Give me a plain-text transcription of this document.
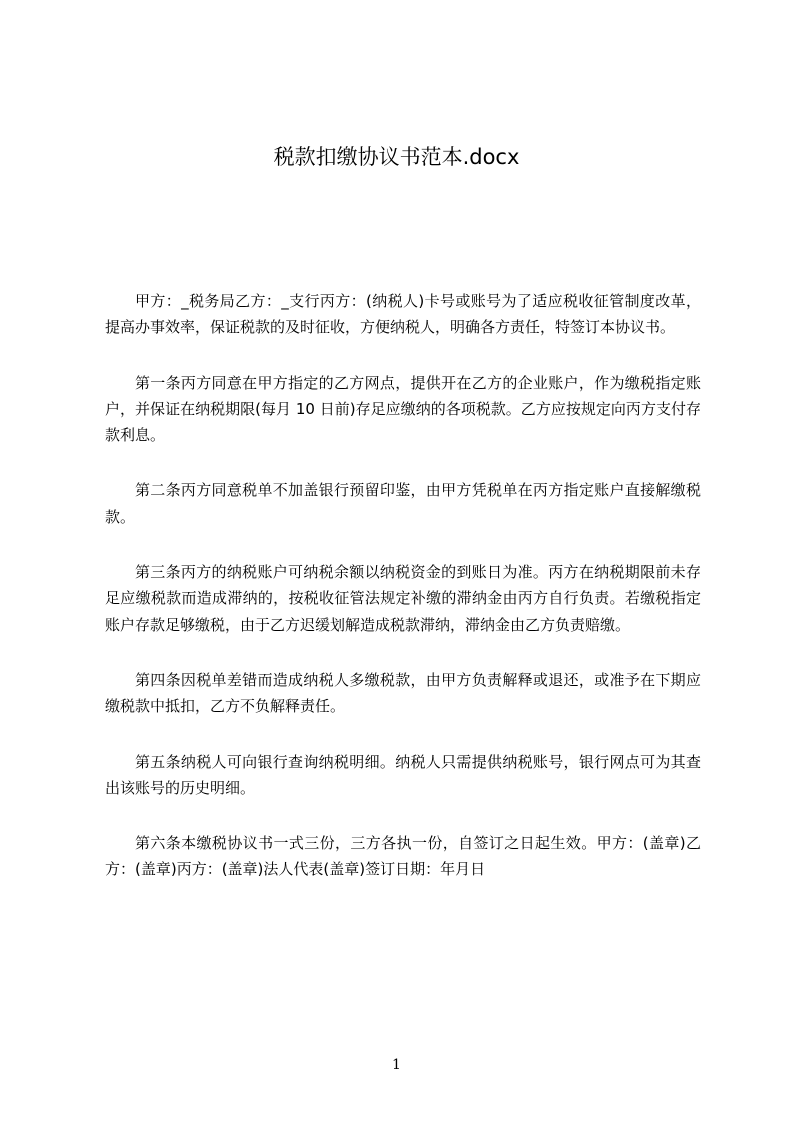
税款扣缴协议书范本.docx

甲方：_税务局乙方：_支行丙方：(纳税人)卡号或账号为了适应税收征管制度改革，提高办事效率，保证税款的及时征收，方便纳税人，明确各方责任，特签订本协议书。

第一条丙方同意在甲方指定的乙方网点，提供开在乙方的企业账户，作为缴税指定账户，并保证在纳税期限(每月 10 日前)存足应缴纳的各项税款。乙方应按规定向丙方支付存款利息。

第二条丙方同意税单不加盖银行预留印鉴，由甲方凭税单在丙方指定账户直接解缴税款。

第三条丙方的纳税账户可纳税余额以纳税资金的到账日为准。丙方在纳税期限前未存足应缴税款而造成滞纳的，按税收征管法规定补缴的滞纳金由丙方自行负责。若缴税指定账户存款足够缴税，由于乙方迟缓划解造成税款滞纳，滞纳金由乙方负责赔缴。

第四条因税单差错而造成纳税人多缴税款，由甲方负责解释或退还，或准予在下期应缴税款中抵扣，乙方不负解释责任。

第五条纳税人可向银行查询纳税明细。纳税人只需提供纳税账号，银行网点可为其查出该账号的历史明细。

第六条本缴税协议书一式三份，三方各执一份，自签订之日起生效。甲方：(盖章)乙方：(盖章)丙方：(盖章)法人代表(盖章)签订日期：年月日

1
